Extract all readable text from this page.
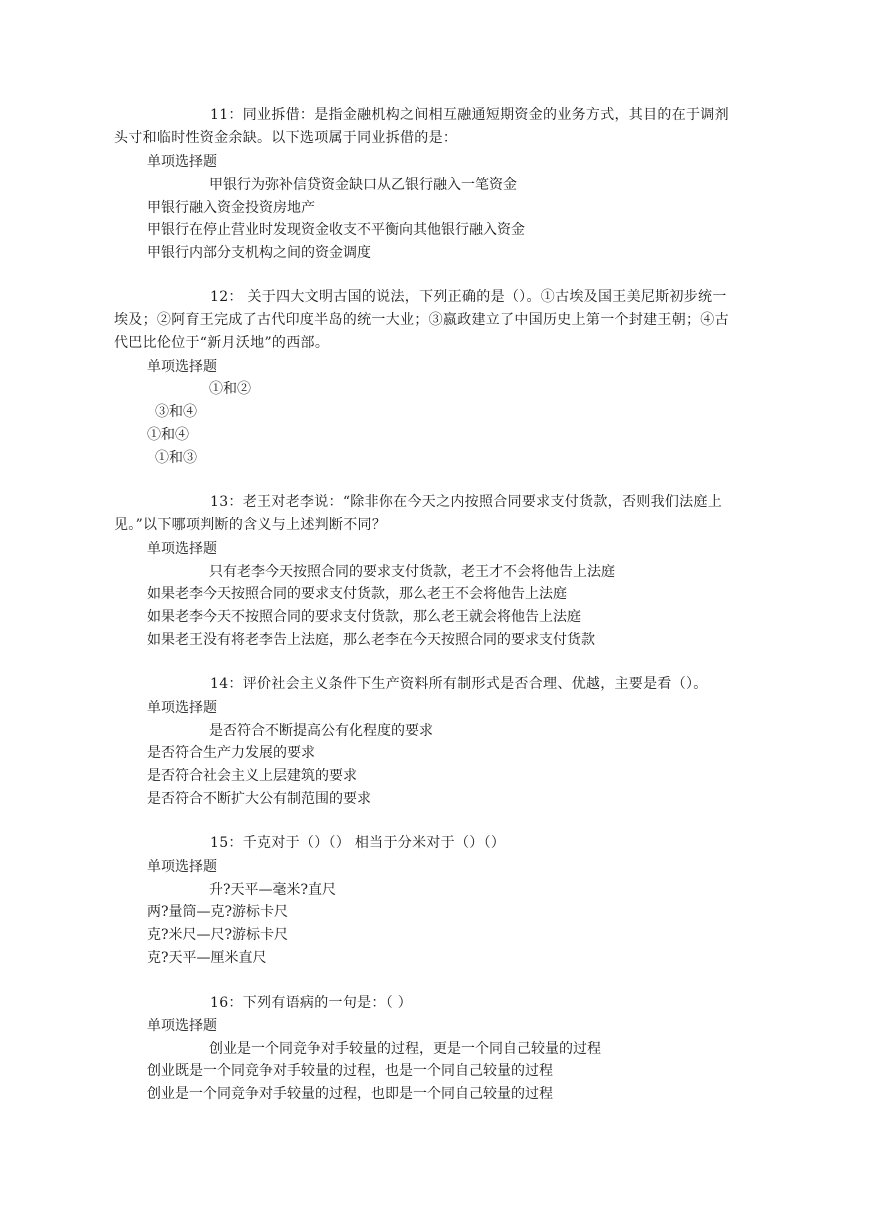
11：同业拆借：是指金融机构之间相互融通短期资金的业务方式，其目的在于调剂头寸和临时性资金余缺。以下选项属于同业拆借的是：

单项选择题
甲银行为弥补信贷资金缺口从乙银行融入一笔资金
甲银行融入资金投资房地产
甲银行在停止营业时发现资金收支不平衡向其他银行融入资金
甲银行内部分支机构之间的资金调度

12： 关于四大文明古国的说法，下列正确的是（）。①古埃及国王美尼斯初步统一埃及；②阿育王完成了古代印度半岛的统一大业；③嬴政建立了中国历史上第一个封建王朝；④古代巴比伦位于“新月沃地”的西部。

单项选择题
①和②
③和④
①和④
①和③

13：老王对老李说：“除非你在今天之内按照合同要求支付货款，否则我们法庭上见。”以下哪项判断的含义与上述判断不同？

单项选择题
只有老李今天按照合同的要求支付货款，老王才不会将他告上法庭
如果老李今天按照合同的要求支付货款，那么老王不会将他告上法庭
如果老李今天不按照合同的要求支付货款，那么老王就会将他告上法庭
如果老王没有将老李告上法庭，那么老李在今天按照合同的要求支付货款

14：评价社会主义条件下生产资料所有制形式是否合理、优越，主要是看（）。

单项选择题
是否符合不断提高公有化程度的要求
是否符合生产力发展的要求
是否符合社会主义上层建筑的要求
是否符合不断扩大公有制范围的要求

15：千克对于（）（） 相当于分米对于（）（）

单项选择题
升?天平—毫米?直尺
两?量筒—克?游标卡尺
克?米尺—尺?游标卡尺
克?天平—厘米直尺

16：下列有语病的一句是：（ ）

单项选择题
创业是一个同竞争对手较量的过程，更是一个同自己较量的过程
创业既是一个同竞争对手较量的过程，也是一个同自己较量的过程
创业是一个同竞争对手较量的过程，也即是一个同自己较量的过程
